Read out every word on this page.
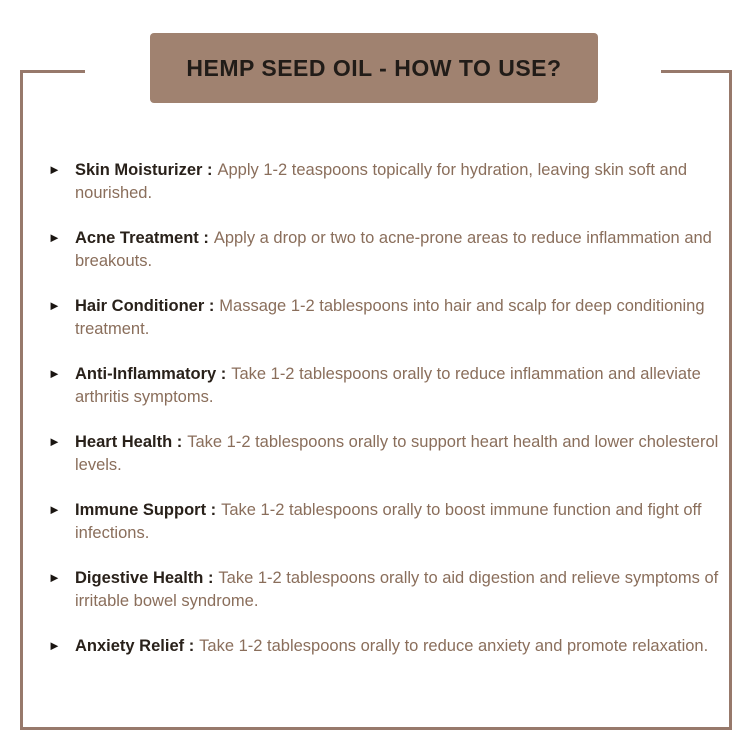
HEMP SEED OIL - HOW TO USE?
► Skin Moisturizer : Apply 1-2 teaspoons topically for hydration, leaving skin soft and nourished.
► Acne Treatment : Apply a drop or two to acne-prone areas to reduce inflammation and breakouts.
► Hair Conditioner : Massage 1-2 tablespoons into hair and scalp for deep conditioning treatment.
► Anti-Inflammatory : Take 1-2 tablespoons orally to reduce inflammation and alleviate arthritis symptoms.
► Heart Health : Take 1-2 tablespoons orally to support heart health and lower cholesterol levels.
► Immune Support : Take 1-2 tablespoons orally to boost immune function and fight off infections.
► Digestive Health : Take 1-2 tablespoons orally to aid digestion and relieve symptoms of irritable bowel syndrome.
► Anxiety Relief : Take 1-2 tablespoons orally to reduce anxiety and promote relaxation.
